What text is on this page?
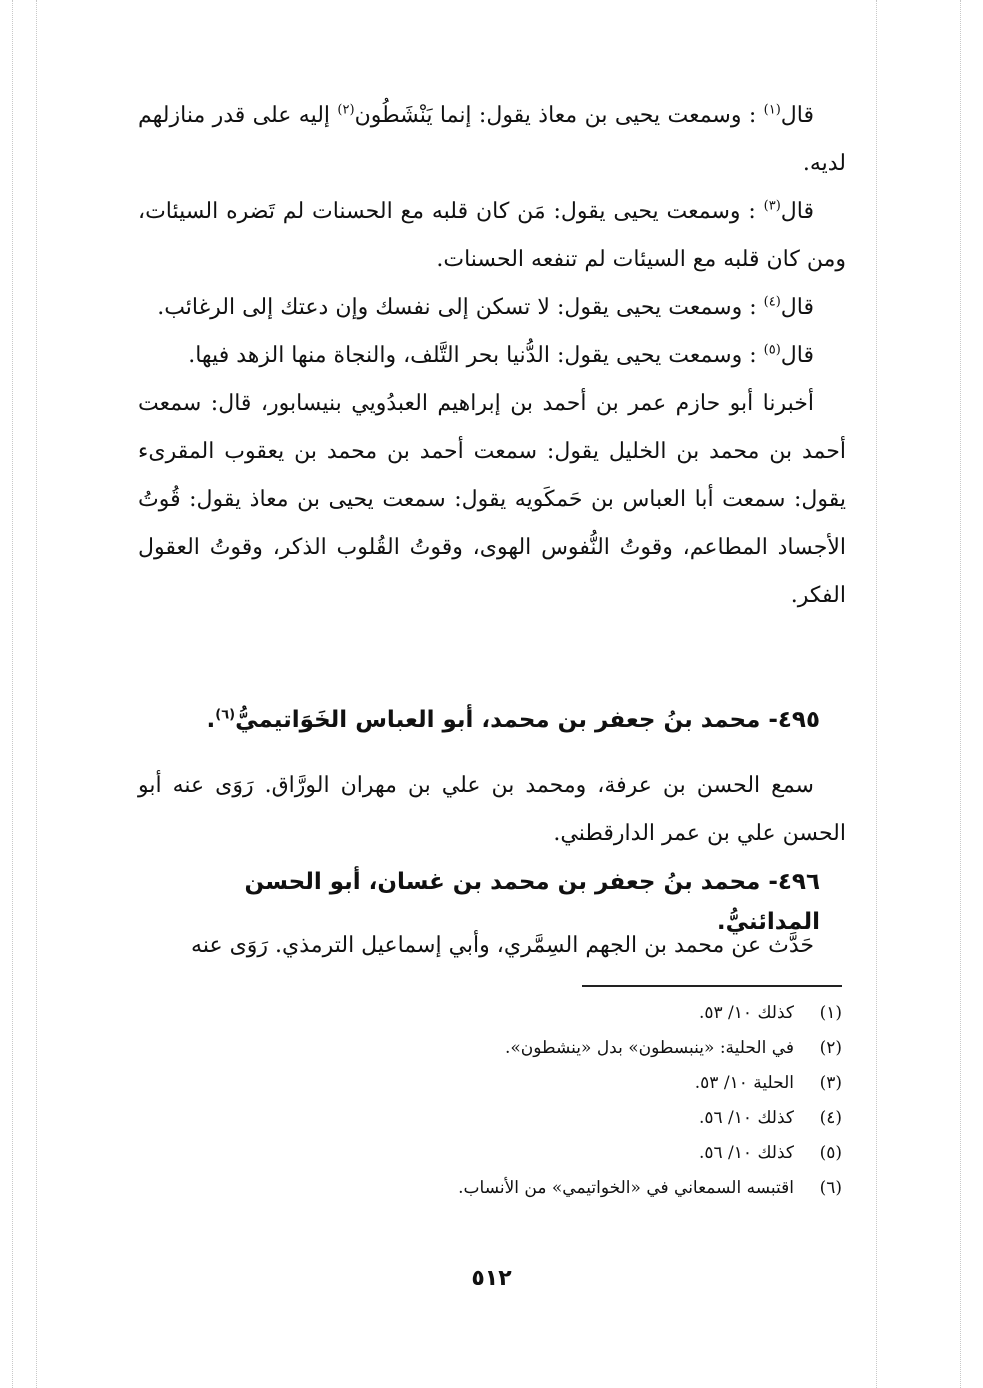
قال$^{(١)}$ : وسمعت يحيى بن معاذ يقول: إنما يَنْشَطُون$^{(٢)}$ إليه على قدر منازلهم لديه.

قال$^{(٣)}$ : وسمعت يحيى يقول: مَن كان قلبه مع الحسنات لم تَضره السيئات، ومن كان قلبه مع السيئات لم تنفعه الحسنات.

قال$^{(٤)}$ : وسمعت يحيى يقول: لا تسكن إلى نفسك وإن دعتك إلى الرغائب.

قال$^{(٥)}$ : وسمعت يحيى يقول: الدُّنيا بحر التَّلف، والنجاة منها الزهد فيها.

أخبرنا أبو حازم عمر بن أحمد بن إبراهيم العبدُويي بنيسابور، قال: سمعت أحمد بن محمد بن الخليل يقول: سمعت أحمد بن محمد بن يعقوب المقرىء يقول: سمعت أبا العباس بن حَمكَويه يقول: سمعت يحيى بن معاذ يقول: قُوتُ الأجساد المطاعم، وقوتُ النُّفوس الهوى، وقوتُ القُلوب الذكر، وقوتُ العقول الفكر.

٤٩٥- محمد بنُ جعفر بن محمد، أبو العباس الخَوَاتيميُّ$^{(٦)}$.

سمع الحسن بن عرفة، ومحمد بن علي بن مهران الورَّاق. رَوَى عنه أبو الحسن علي بن عمر الدارقطني.

٤٩٦- محمد بنُ جعفر بن محمد بن غسان، أبو الحسن المدائنيُّ.

حَدَّث عن محمد بن الجهم السِمَّري، وأبي إسماعيل الترمذي. رَوَى عنه

(١)كذلك ١٠/ ٥٣.
(٢)في الحلية: «ينبسطون» بدل «ينشطون».
(٣)الحلية ١٠/ ٥٣.
(٤)كذلك ١٠/ ٥٦.
(٥)كذلك ١٠/ ٥٦.
(٦)اقتبسه السمعاني في «الخواتيمي» من الأنساب.
٥١٢
